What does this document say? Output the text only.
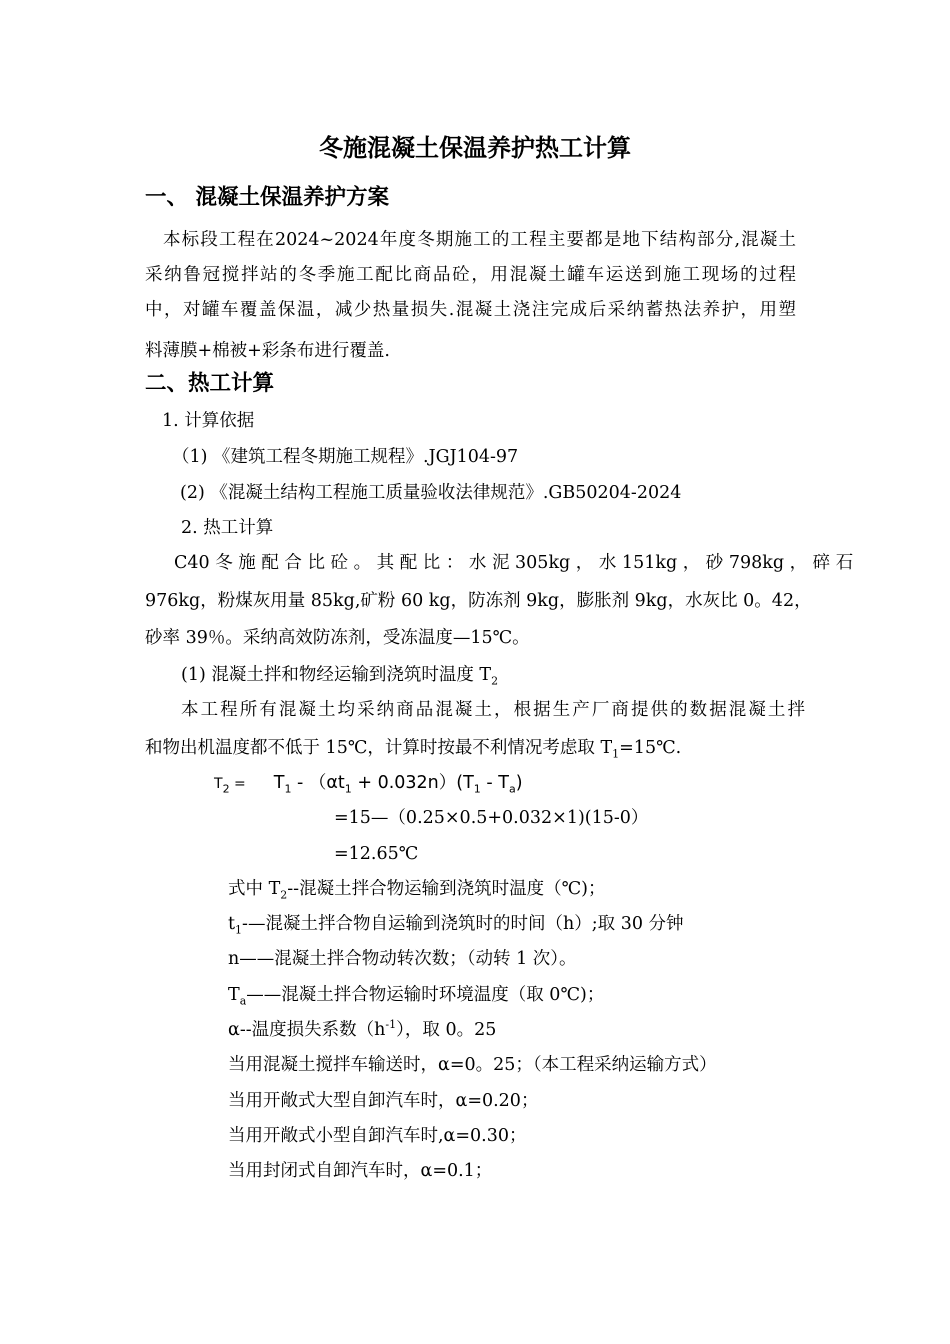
冬施混凝土保温养护热工计算
一、 混凝土保温养护方案
本标段工程在2024~2024年度冬期施工的工程主要都是地下结构部分,混凝土
采纳鲁冠搅拌站的冬季施工配比商品砼，用混凝土罐车运送到施工现场的过程
中，对罐车覆盖保温，减少热量损失.混凝土浇注完成后采纳蓄热法养护，用塑
料薄膜+棉被+彩条布进行覆盖.
二、热工计算
1. 计算依据
（1) 《建筑工程冬期施工规程》.JGJ104-97
(2) 《混凝土结构工程施工质量验收法律规范》.GB50204-2024
2. 热工计算
C40 冬 施 配 合 比 砼 。 其 配 比 ： 水 泥 305kg ， 水 151kg ， 砂 798kg ， 碎 石
976kg，粉煤灰用量 85kg,矿粉 60 kg，防冻剂 9kg，膨胀剂 9kg，水灰比 0。42，
砂率 39％。采纳高效防冻剂，受冻温度—15℃。
(1) 混凝土拌和物经运输到浇筑时温度 $T_2$
本工程所有混凝土均采纳商品混凝土，根据生产厂商提供的数据混凝土拌
和物出机温度都不低于 15℃，计算时按最不利情况考虑取 $T_1=15℃$.
$T_2 = T_1 - (\alpha t_1 + 0.032n)(T_1 - T_a)$
=15—（0.25×0.5+0.032×1)(15-0）
=12.65℃
式中 $T_2--$混凝土拌合物运输到浇筑时温度（℃)；
$t_1-—$混凝土拌合物自运输到浇筑时的时间（h）;取 30 分钟
n——混凝土拌合物动转次数；（动转 1 次）。
$T_a——$混凝土拌合物运输时环境温度（取 0℃)；
α--温度损失系数$(h^{-1})$，取 0。25
当用混凝土搅拌车输送时，α=0。25；（本工程采纳运输方式）
当用开敞式大型自卸汽车时，α=0.20；
当用开敞式小型自卸汽车时,α=0.30；
当用封闭式自卸汽车时，α=0.1；
